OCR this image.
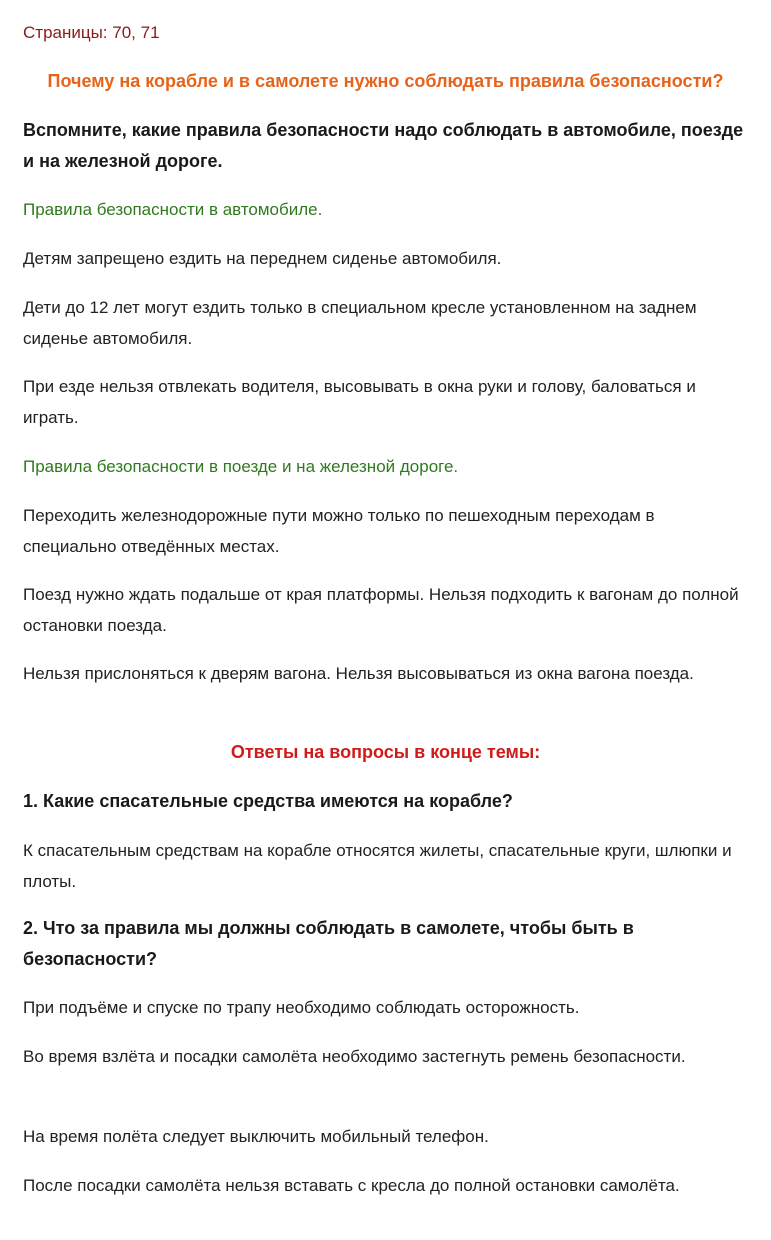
Страницы: 70, 71

Почему на корабле и в самолете нужно соблюдать правила безопасности?

Вспомните, какие правила безопасности надо соблюдать в автомобиле, поезде и на железной дороге.

Правила безопасности в автомобиле.

Детям запрещено ездить на переднем сиденье автомобиля.

Дети до 12 лет могут ездить только в специальном кресле установленном на заднем сиденье автомобиля.

При езде нельзя отвлекать водителя, высовывать в окна руки и голову, баловаться и играть.

Правила безопасности в поезде и на железной дороге.

Переходить железнодорожные пути можно только по пешеходным переходам в специально отведённых местах.

Поезд нужно ждать подальше от края платформы. Нельзя подходить к вагонам до полной остановки поезда.

Нельзя прислоняться к дверям вагона. Нельзя высовываться из окна вагона поезда.

Ответы на вопросы в конце темы:

1. Какие спасательные средства имеются на корабле?

К спасательным средствам на корабле относятся жилеты, спасательные круги, шлюпки и плоты.

2. Что за правила мы должны соблюдать в самолете, чтобы быть в безопасности?

При подъёме и спуске по трапу необходимо соблюдать осторожность.

Во время взлёта и посадки самолёта необходимо застегнуть ремень безопасности.

На время полёта следует выключить мобильный телефон.

После посадки самолёта нельзя вставать с кресла до полной остановки самолёта.
